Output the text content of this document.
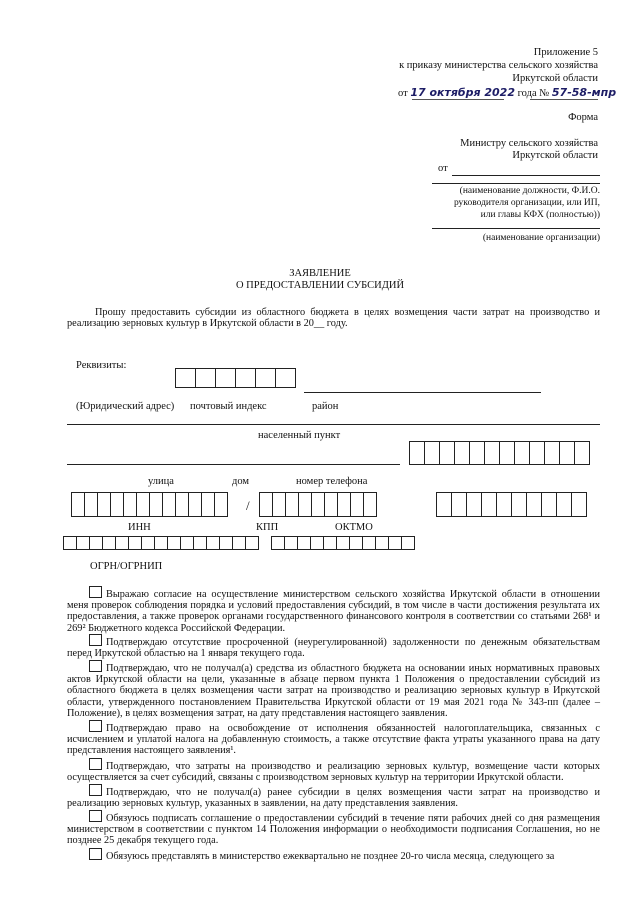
Приложение 5
к приказу министерства сельского хозяйства
Иркутской области
от 17 октября 2022 года № 57-58-мпр
Форма
Министру сельского хозяйства
Иркутской области
от
(наименование должности, Ф.И.О.
руководителя организации, или ИП,
или главы КФХ (полностью))
(наименование организации)
ЗАЯВЛЕНИЕ
О ПРЕДОСТАВЛЕНИИ СУБСИДИЙ
Прошу предоставить субсидии из областного бюджета в целях возмещения части затрат на производство и реализацию зерновых культур в Иркутской области в 20__ году.
Реквизиты:
(Юридический адрес) почтовый индекс	район
населенный пункт
улица	дом	номер телефона
/
ИНН	КПП	ОКТМО
ОГРН/ОГРНИП
Выражаю согласие на осуществление министерством сельского хозяйства Иркутской области в отношении меня проверок соблюдения порядка и условий предоставления субсидий, в том числе в части достижения результата их предоставления, а также проверок органами государственного финансового контроля в соответствии со статьями 268¹ и 269² Бюджетного кодекса Российской Федерации.
Подтверждаю отсутствие просроченной (неурегулированной) задолженности по денежным обязательствам перед Иркутской областью на 1 января текущего года.
Подтверждаю, что не получал(а) средства из областного бюджета на основании иных нормативных правовых актов Иркутской области на цели, указанные в абзаце первом пункта 1 Положения о предоставлении субсидий из областного бюджета в целях возмещения части затрат на производство и реализацию зерновых культур в Иркутской области, утвержденного постановлением Правительства Иркутской области от 19 мая 2021 года № 343-пп (далее – Положение), в целях возмещения затрат, на дату представления настоящего заявления.
Подтверждаю право на освобождение от исполнения обязанностей налогоплательщика, связанных с исчислением и уплатой налога на добавленную стоимость, а также отсутствие факта утраты указанного права на дату представления настоящего заявления¹.
Подтверждаю, что затраты на производство и реализацию зерновых культур, возмещение части которых осуществляется за счет субсидий, связаны с производством зерновых культур на территории Иркутской области.
Подтверждаю, что не получал(а) ранее субсидии в целях возмещения части затрат на производство и реализацию зерновых культур, указанных в заявлении, на дату представления заявления.
Обязуюсь подписать соглашение о предоставлении субсидий в течение пяти рабочих дней со дня размещения министерством в соответствии с пунктом 14 Положения информации о необходимости подписания Соглашения, но не позднее 25 декабря текущего года.
Обязуюсь представлять в министерство ежеквартально не позднее 20-го числа месяца, следующего за
